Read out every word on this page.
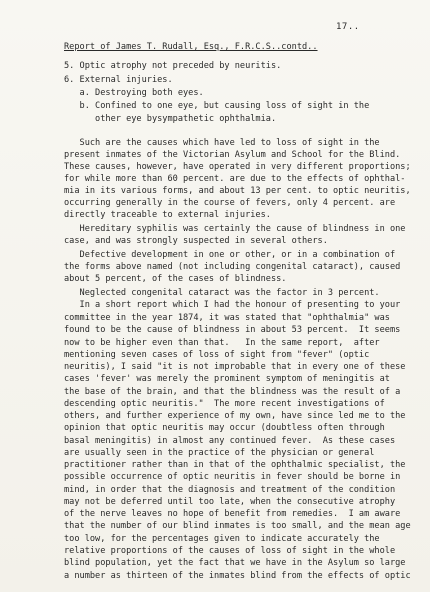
17..
Report of James T. Rudall, Esq., F.R.C.S..contd..
5. Optic atrophy not preceded by neuritis.
6. External injuries.
a. Destroying both eyes.
b. Confined to one eye, but causing loss of sight in the
other eye bysympathetic ophthalmia.
Such are the causes which have led to loss of sight in the
present inmates of the Victorian Asylum and School for the Blind.
These causes, however, have operated in very different proportions;
for while more than 60 percent. are due to the effects of ophthal-
mia in its various forms, and about 13 per cent. to optic neuritis,
occurring generally in the course of fevers, only 4 percent. are
directly traceable to external injuries.
Hereditary syphilis was certainly the cause of blindness in one
case, and was strongly suspected in several others.
Defective development in one or other, or in a combination of
the forms above named (not including congenital cataract), caused
about 5 percent, of the cases of blindness.
Neglected congenital cataract was the factor in 3 percent.
In a short report which I had the honour of presenting to your
committee in the year 1874, it was stated that "ophthalmia" was
found to be the cause of blindness in about 53 percent.  It seems
now to be higher even than that.   In the same report,  after
mentioning seven cases of loss of sight from "fever" (optic
neuritis), I said "it is not improbable that in every one of these
cases 'fever' was merely the prominent symptom of meningitis at
the base of the brain, and that the blindness was the result of a
descending optic neuritis."  The more recent investigations of
others, and further experience of my own, have since led me to the
opinion that optic neuritis may occur (doubtless often through
basal meningitis) in almost any continued fever.  As these cases
are usually seen in the practice of the physician or general
practitioner rather than in that of the ophthalmic specialist, the
possible occurrence of optic neuritis in fever should be borne in
mind, in order that the diagnosis and treatment of the condition
may not be deferred until too late, when the consecutive atrophy
of the nerve leaves no hope of benefit from remedies.  I am aware
that the number of our blind inmates is too small, and the mean age
too low, for the percentages given to indicate accurately the
relative proportions of the causes of loss of sight in the whole
blind population, yet the fact that we have in the Asylum so large
a number as thirteen of the inmates blind from the effects of optic
